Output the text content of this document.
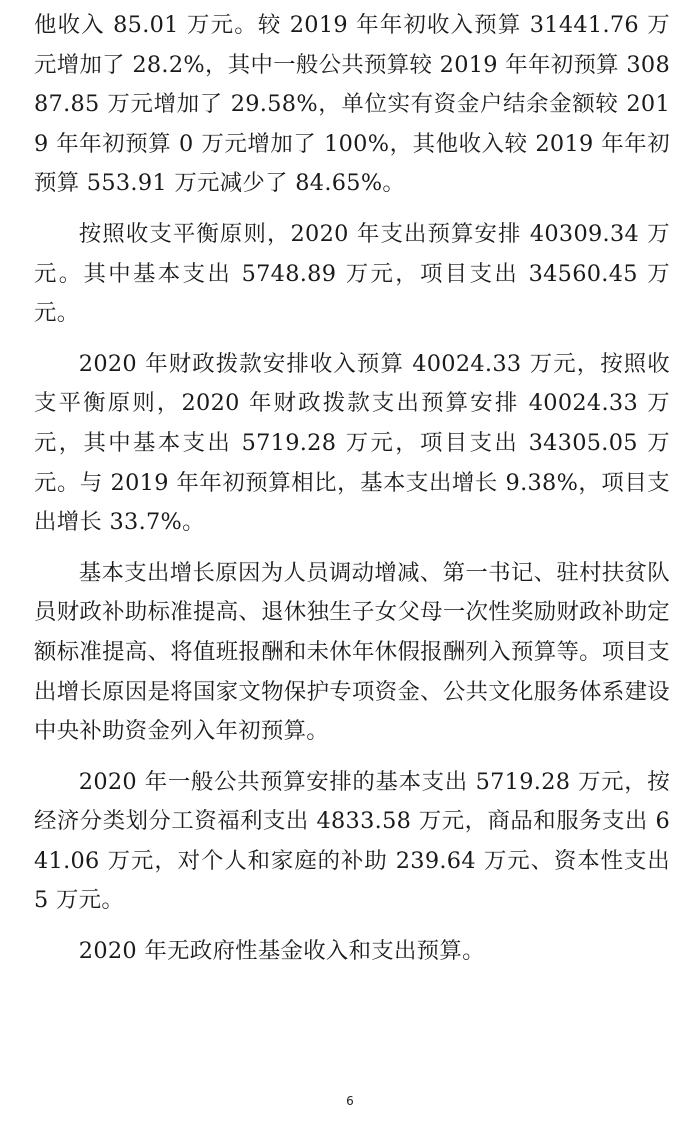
他收入 85.01 万元。较 2019 年年初收入预算 31441.76 万元增加了 28.2%，其中一般公共预算较 2019 年年初预算 30887.85 万元增加了 29.58%，单位实有资金户结余金额较 2019 年年初预算 0 万元增加了 100%，其他收入较 2019 年年初预算 553.91 万元减少了 84.65%。

按照收支平衡原则，2020 年支出预算安排 40309.34 万元。其中基本支出 5748.89 万元，项目支出 34560.45 万元。

2020 年财政拨款安排收入预算 40024.33 万元，按照收支平衡原则，2020 年财政拨款支出预算安排 40024.33 万元，其中基本支出 5719.28 万元，项目支出 34305.05 万元。与 2019 年年初预算相比，基本支出增长 9.38%，项目支出增长 33.7%。

基本支出增长原因为人员调动增减、第一书记、驻村扶贫队员财政补助标准提高、退休独生子女父母一次性奖励财政补助定额标准提高、将值班报酬和未休年休假报酬列入预算等。项目支出增长原因是将国家文物保护专项资金、公共文化服务体系建设中央补助资金列入年初预算。

2020 年一般公共预算安排的基本支出 5719.28 万元，按经济分类划分工资福利支出 4833.58 万元，商品和服务支出 641.06 万元，对个人和家庭的补助 239.64 万元、资本性支出 5 万元。

2020 年无政府性基金收入和支出预算。

6
